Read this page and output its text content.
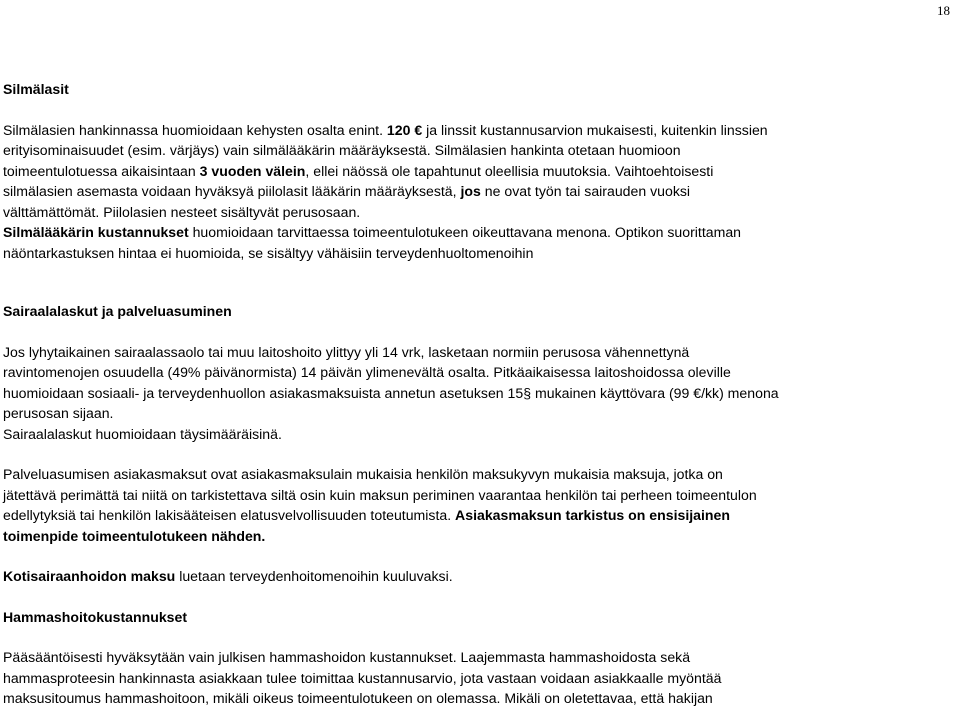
18

Silmälasit

Silmälasien hankinnassa huomioidaan kehysten osalta enint. 120 € ja linssit kustannusarvion mukaisesti, kuitenkin linssien
erityisominaisuudet (esim. värjäys) vain silmälääkärin määräyksestä. Silmälasien hankinta otetaan huomioon
toimeentulotuessa aikaisintaan 3 vuoden välein, ellei näössä ole tapahtunut oleellisia muutoksia. Vaihtoehtoisesti
silmälasien asemasta voidaan hyväksyä piilolasit lääkärin määräyksestä, jos ne ovat työn tai sairauden vuoksi
välttämättömät. Piilolasien nesteet sisältyvät perusosaan.
Silmälääkärin kustannukset huomioidaan tarvittaessa toimeentulotukeen oikeuttavana menona. Optikon suorittaman
näöntarkastuksen hintaa ei huomioida, se sisältyy vähäisiin terveydenhuoltomenoihin

Sairaalalaskut ja palveluasuminen

Jos lyhytaikainen sairaalassaolo tai muu laitoshoito ylittyy yli 14 vrk, lasketaan normiin perusosa vähennettynä
ravintomenojen osuudella (49% päivänormista) 14 päivän ylimenevältä osalta. Pitkäaikaisessa laitoshoidossa oleville
huomioidaan sosiaali- ja terveydenhuollon asiakasmaksuista annetun asetuksen 15§ mukainen käyttövara (99 €/kk) menona
perusosan sijaan.
Sairaalalaskut huomioidaan täysimääräisinä.
Palveluasumisen asiakasmaksut ovat asiakasmaksulain mukaisia henkilön maksukyvyn mukaisia maksuja, jotka on
jätettävä perimättä tai niitä on tarkistettava siltä osin kuin maksun periminen vaarantaa henkilön tai perheen toimeentulon
edellytyksiä tai henkilön lakisääteisen elatusvelvollisuuden toteutumista. Asiakasmaksun tarkistus on ensisijainen
toimenpide toimeentulotukeen nähden.
Kotisairaanhoidon maksu luetaan terveydenhoitomenoihin kuuluvaksi.

Hammashoitokustannukset

Pääsääntöisesti hyväksytään vain julkisen hammashoidon kustannukset. Laajemmasta hammashoidosta sekä
hammasproteesin hankinnasta asiakkaan tulee toimittaa kustannusarvio, jota vastaan voidaan asiakkaalle myöntää
maksusitoumus hammashoitoon, mikäli oikeus toimeentulotukeen on olemassa. Mikäli on oletettavaa, että hakijan
